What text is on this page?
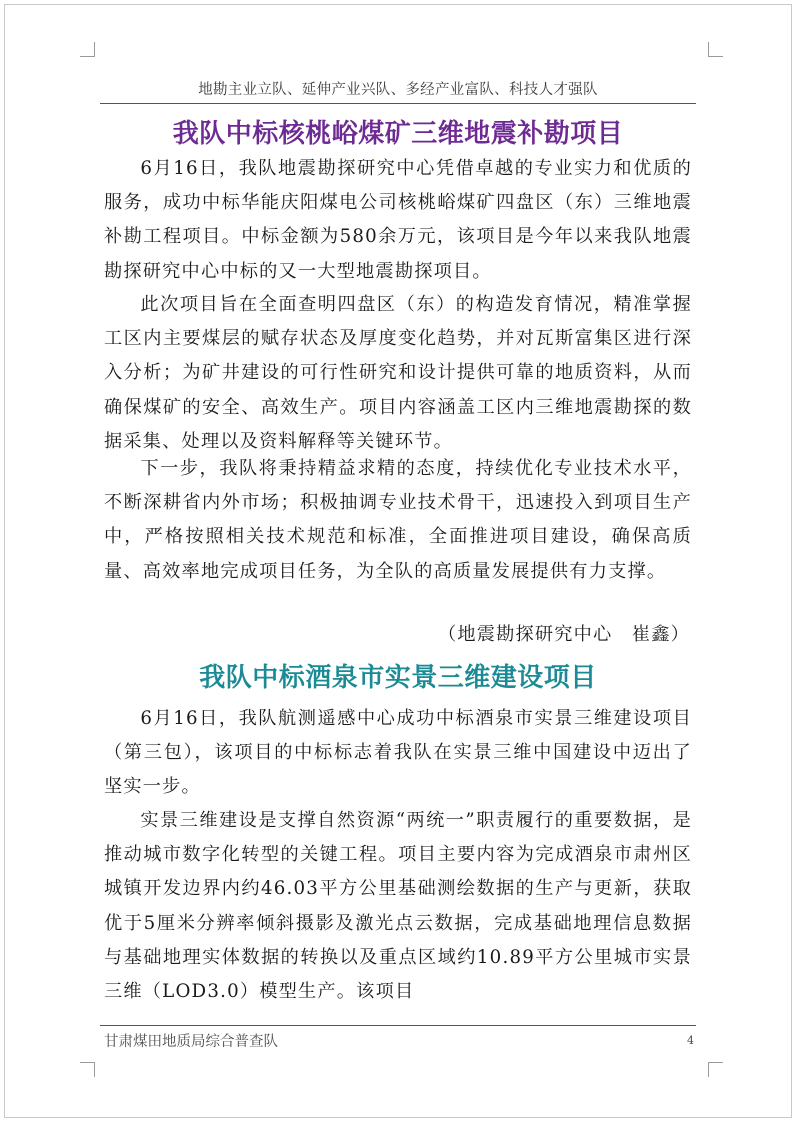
地勘主业立队、延伸产业兴队、多经产业富队、科技人才强队
我队中标核桃峪煤矿三维地震补勘项目

6月16日，我队地震勘探研究中心凭借卓越的专业实力和优质的服务，成功中标华能庆阳煤电公司核桃峪煤矿四盘区（东）三维地震补勘工程项目。中标金额为580余万元，该项目是今年以来我队地震勘探研究中心中标的又一大型地震勘探项目。

此次项目旨在全面查明四盘区（东）的构造发育情况，精准掌握工区内主要煤层的赋存状态及厚度变化趋势，并对瓦斯富集区进行深入分析；为矿井建设的可行性研究和设计提供可靠的地质资料，从而确保煤矿的安全、高效生产。项目内容涵盖工区内三维地震勘探的数据采集、处理以及资料解释等关键环节。

下一步，我队将秉持精益求精的态度，持续优化专业技术水平，不断深耕省内外市场；积极抽调专业技术骨干，迅速投入到项目生产中，严格按照相关技术规范和标准，全面推进项目建设，确保高质量、高效率地完成项目任务，为全队的高质量发展提供有力支撑。

（地震勘探研究中心　崔鑫）
我队中标酒泉市实景三维建设项目

6月16日，我队航测遥感中心成功中标酒泉市实景三维建设项目（第三包），该项目的中标标志着我队在实景三维中国建设中迈出了坚实一步。

实景三维建设是支撑自然资源“两统一”职责履行的重要数据，是推动城市数字化转型的关键工程。项目主要内容为完成酒泉市肃州区城镇开发边界内约46.03平方公里基础测绘数据的生产与更新，获取优于5厘米分辨率倾斜摄影及激光点云数据，完成基础地理信息数据与基础地理实体数据的转换以及重点区域约10.89平方公里城市实景三维（LOD3.0）模型生产。该项目

甘肃煤田地质局综合普查队	4
